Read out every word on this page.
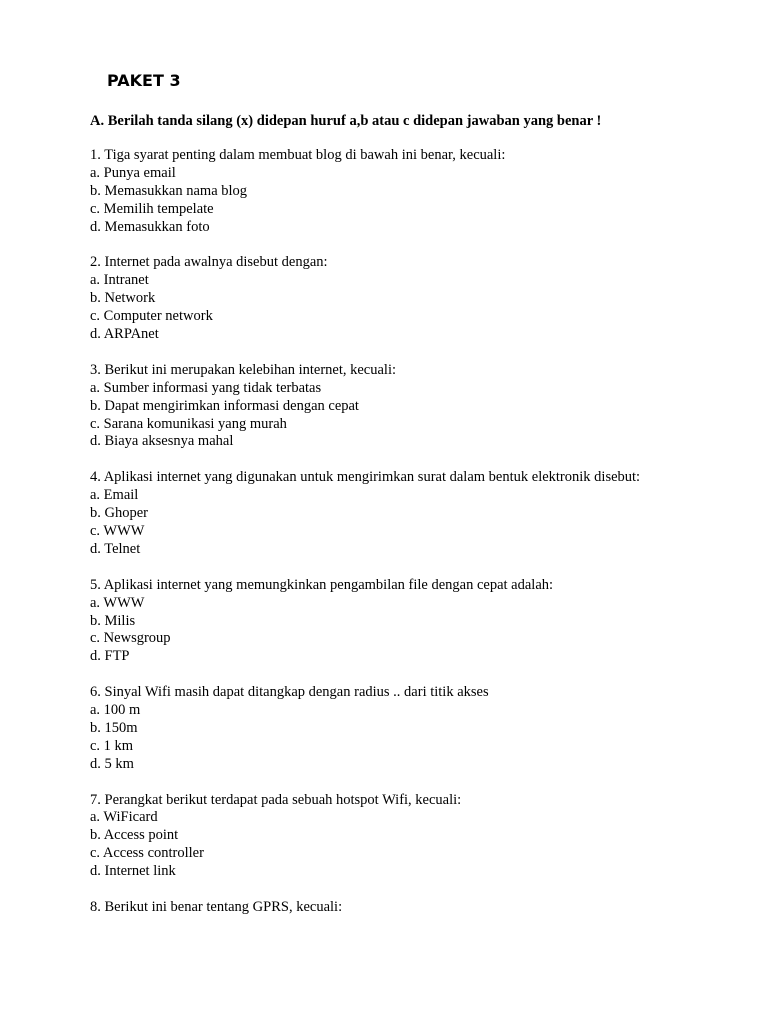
PAKET 3

A. Berilah tanda silang (x) didepan huruf a,b atau c didepan jawaban yang benar !

1. Tiga syarat penting dalam membuat blog di bawah ini benar, kecuali:
a. Punya email
b. Memasukkan nama blog
c. Memilih tempelate
d. Memasukkan foto
2. Internet pada awalnya disebut dengan:
a. Intranet
b. Network
c. Computer network
d. ARPAnet
3. Berikut ini merupakan kelebihan internet, kecuali:
a. Sumber informasi yang tidak terbatas
b. Dapat mengirimkan informasi dengan cepat
c. Sarana komunikasi yang murah
d. Biaya aksesnya mahal
4. Aplikasi internet yang digunakan untuk mengirimkan surat dalam bentuk elektronik disebut:
a. Email
b. Ghoper
c. WWW
d. Telnet
5. Aplikasi internet yang memungkinkan pengambilan file dengan cepat adalah:
a. WWW
b. Milis
c. Newsgroup
d. FTP
6. Sinyal Wifi masih dapat ditangkap dengan radius .. dari titik akses
a. 100 m
b. 150m
c. 1 km
d. 5 km
7. Perangkat berikut terdapat pada sebuah hotspot Wifi, kecuali:
a. WiFicard
b. Access point
c. Access controller
d. Internet link
8. Berikut ini benar tentang GPRS, kecuali:
